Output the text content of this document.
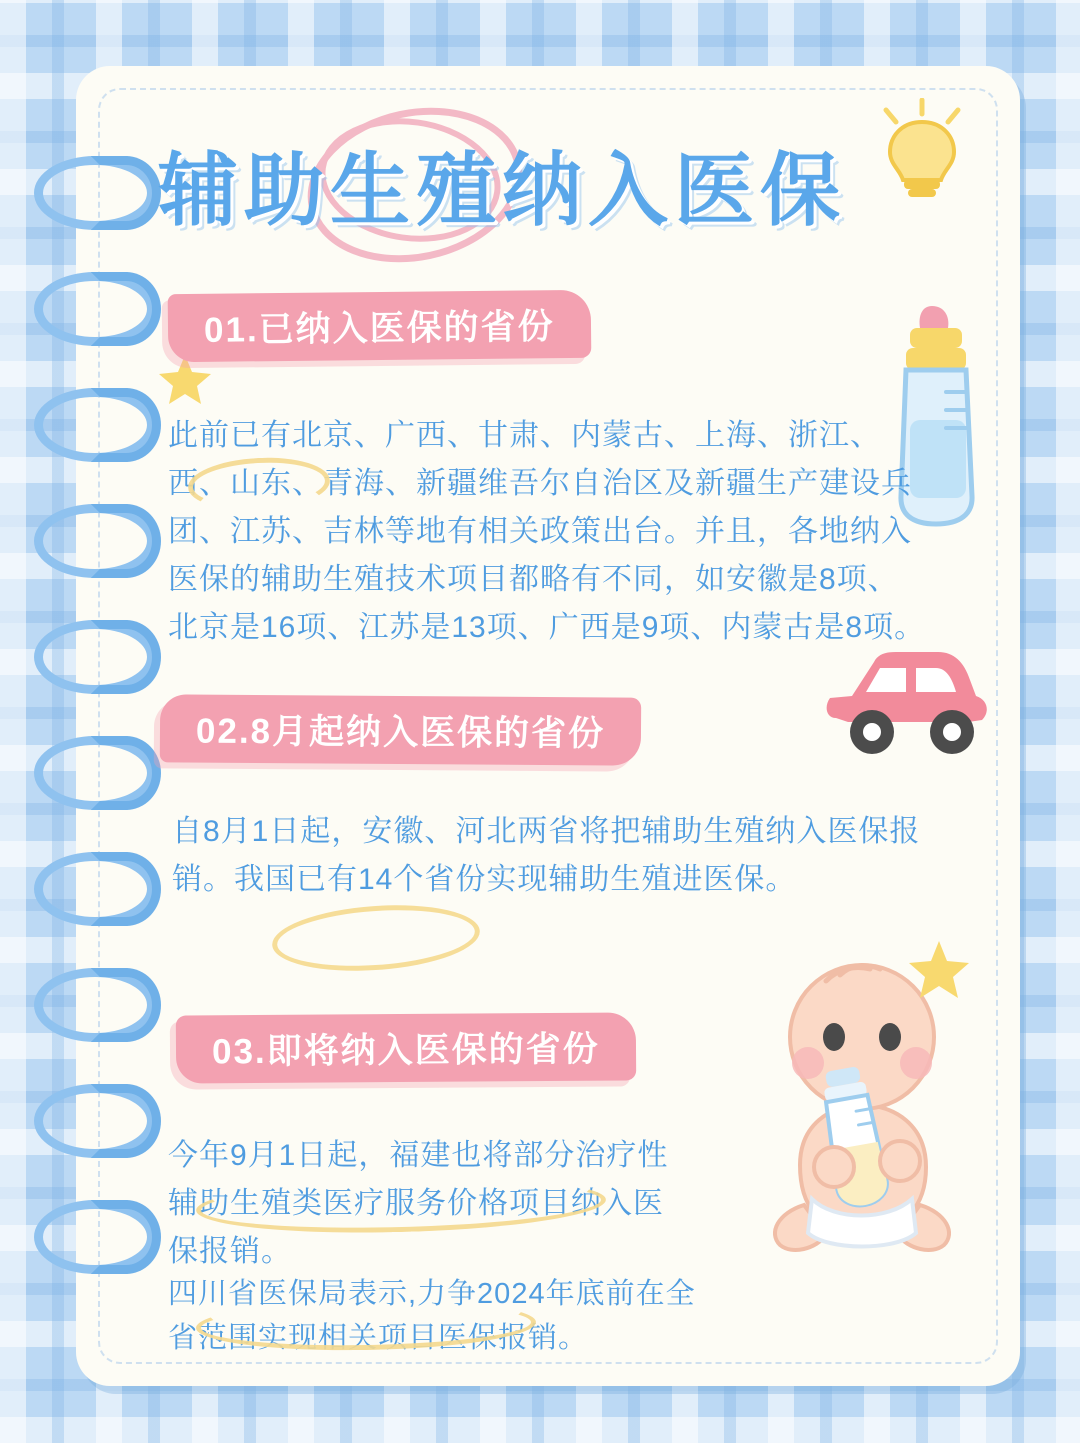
辅助生殖纳入医保
01.已纳入医保的省份
此前已有北京、广西、甘肃、内蒙古、上海、浙江、西、山东、青海、新疆维吾尔自治区及新疆生产建设兵团、江苏、吉林等地有相关政策出台。并且，各地纳入医保的辅助生殖技术项目都略有不同，如安徽是8项、北京是16项、江苏是13项、广西是9项、内蒙古是8项。
02.8月起纳入医保的省份
自8月1日起，安徽、河北两省将把辅助生殖纳入医保报销。我国已有14个省份实现辅助生殖进医保。
03.即将纳入医保的省份
今年9月1日起，福建也将部分治疗性辅助生殖类医疗服务价格项目纳入医保报销。
四川省医保局表示,力争2024年底前在全省范围实现相关项目医保报销。
